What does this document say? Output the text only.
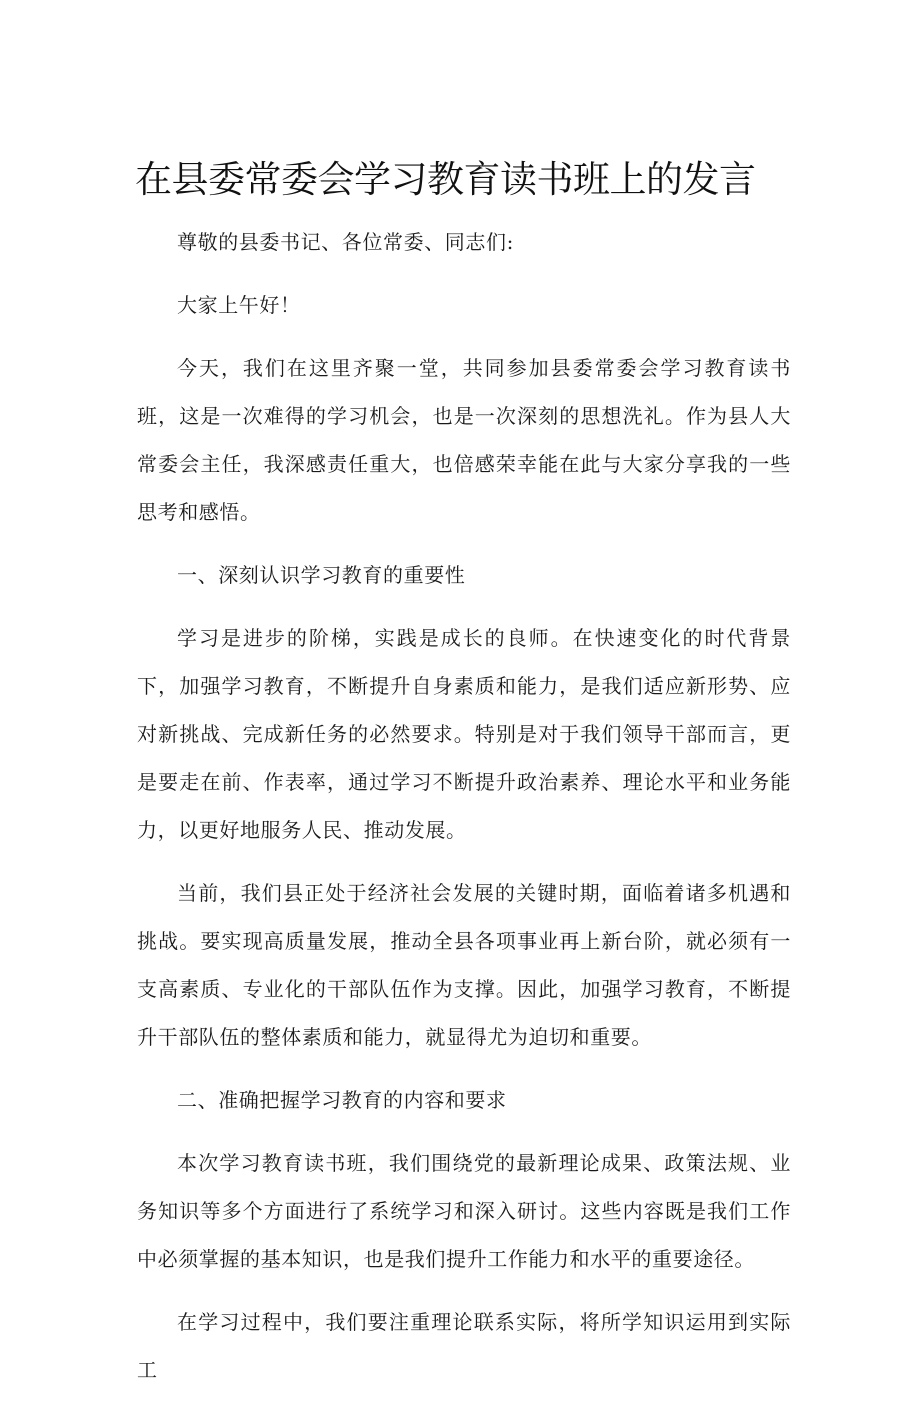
在县委常委会学习教育读书班上的发言

尊敬的县委书记、各位常委、同志们:

大家上午好！

今天，我们在这里齐聚一堂，共同参加县委常委会学习教育读书班，这是一次难得的学习机会，也是一次深刻的思想洗礼。作为县人大常委会主任，我深感责任重大，也倍感荣幸能在此与大家分享我的一些思考和感悟。

一、深刻认识学习教育的重要性

学习是进步的阶梯，实践是成长的良师。在快速变化的时代背景下，加强学习教育，不断提升自身素质和能力，是我们适应新形势、应对新挑战、完成新任务的必然要求。特别是对于我们领导干部而言，更是要走在前、作表率，通过学习不断提升政治素养、理论水平和业务能力，以更好地服务人民、推动发展。

当前，我们县正处于经济社会发展的关键时期，面临着诸多机遇和挑战。要实现高质量发展，推动全县各项事业再上新台阶，就必须有一支高素质、专业化的干部队伍作为支撑。因此，加强学习教育，不断提升干部队伍的整体素质和能力，就显得尤为迫切和重要。

二、准确把握学习教育的内容和要求

本次学习教育读书班，我们围绕党的最新理论成果、政策法规、业务知识等多个方面进行了系统学习和深入研讨。这些内容既是我们工作中必须掌握的基本知识，也是我们提升工作能力和水平的重要途径。

在学习过程中，我们要注重理论联系实际，将所学知识运用到实际工
